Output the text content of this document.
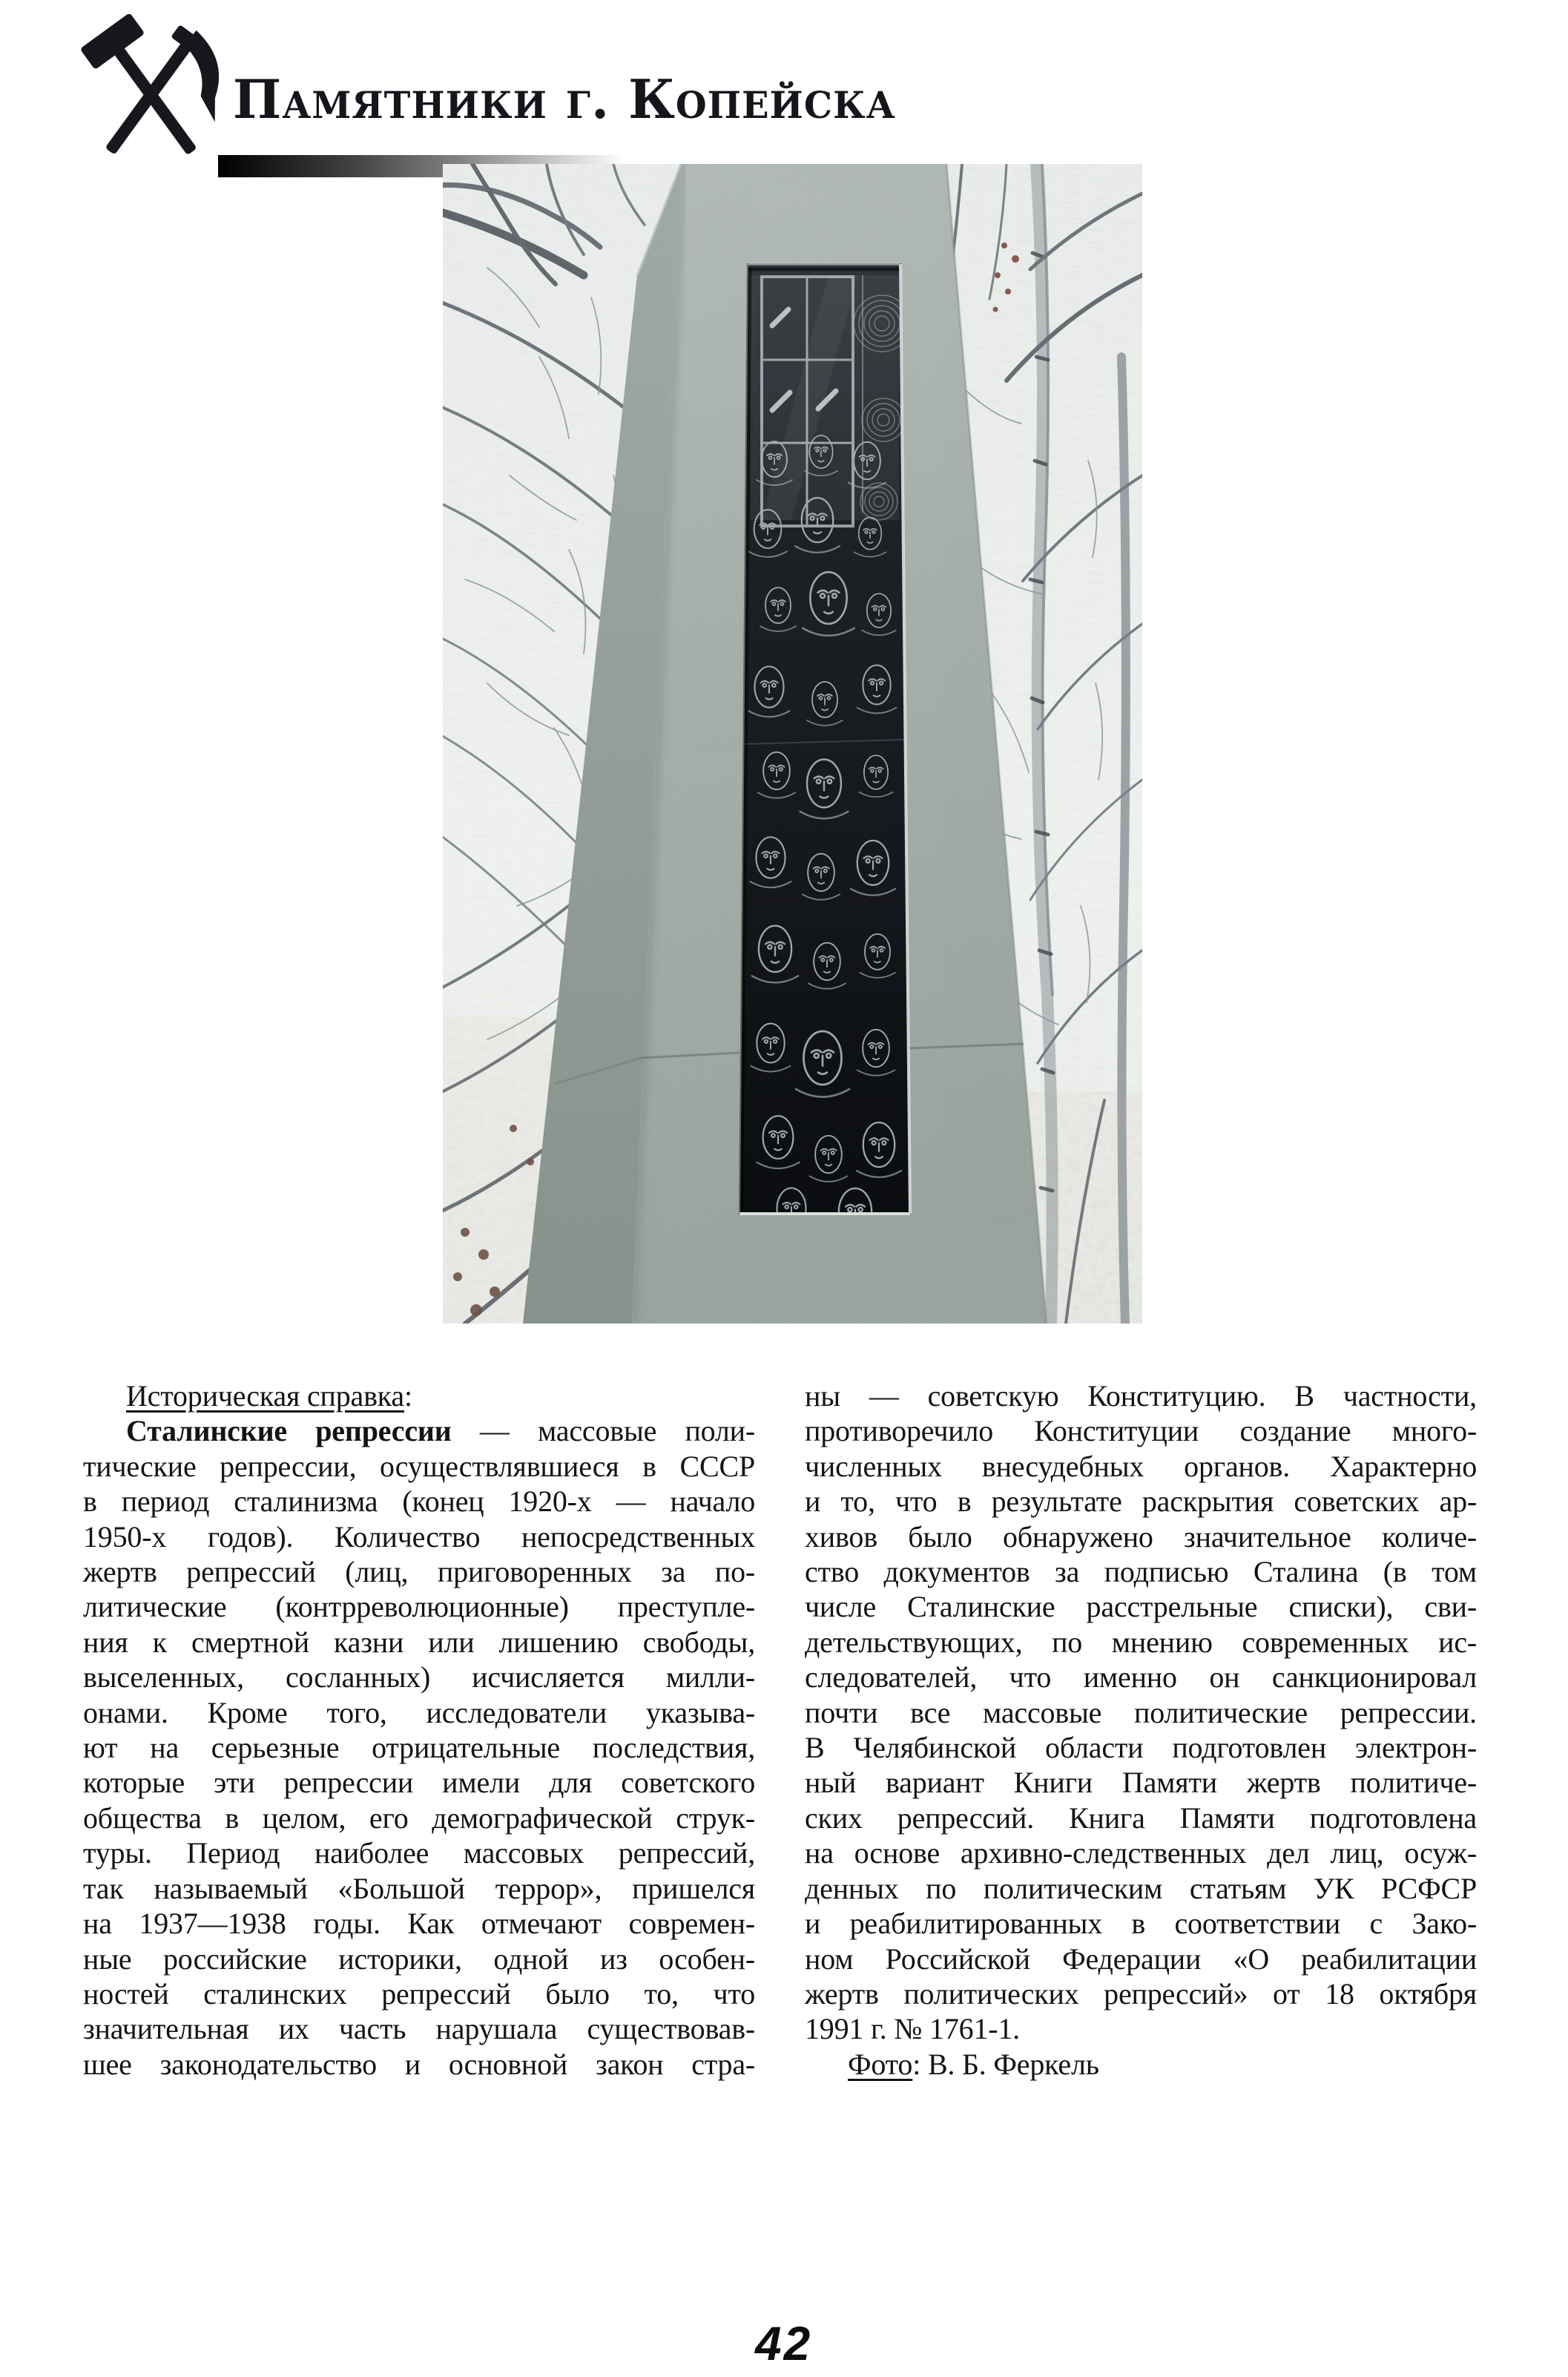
Памятники г. Копейска
Историческая справка:
Сталинские репрессии — массовые поли-
тические репрессии, осуществлявшиеся в СССР
в период сталинизма (конец 1920-х — начало
1950-х годов). Количество непосредственных
жертв репрессий (лиц, приговоренных за по-
литические (контрреволюционные) преступле-
ния к смертной казни или лишению свободы,
выселенных, сосланных) исчисляется милли-
онами. Кроме того, исследователи указыва-
ют на серьезные отрицательные последствия,
которые эти репрессии имели для советского
общества в целом, его демографической струк-
туры. Период наиболее массовых репрессий,
так называемый «Большой террор», пришелся
на 1937—1938 годы. Как отмечают современ-
ные российские историки, одной из особен-
ностей сталинских репрессий было то, что
значительная их часть нарушала существовав-
шее законодательство и основной закон стра-
ны — советскую Конституцию. В частности,
противоречило Конституции создание много-
численных внесудебных органов. Характерно
и то, что в результате раскрытия советских ар-
хивов было обнаружено значительное количе-
ство документов за подписью Сталина (в том
числе Сталинские расстрельные списки), сви-
детельствующих, по мнению современных ис-
следователей, что именно он санкционировал
почти все массовые политические репрессии.
В Челябинской области подготовлен электрон-
ный вариант Книги Памяти жертв политиче-
ских репрессий. Книга Памяти подготовлена
на основе архивно-следственных дел лиц, осуж-
денных по политическим статьям УК РСФСР
и реабилитированных в соответствии с Зако-
ном Российской Федерации «О реабилитации
жертв политических репрессий» от 18 октября
1991 г. № 1761-1.
Фото: В. Б. Феркель
42
